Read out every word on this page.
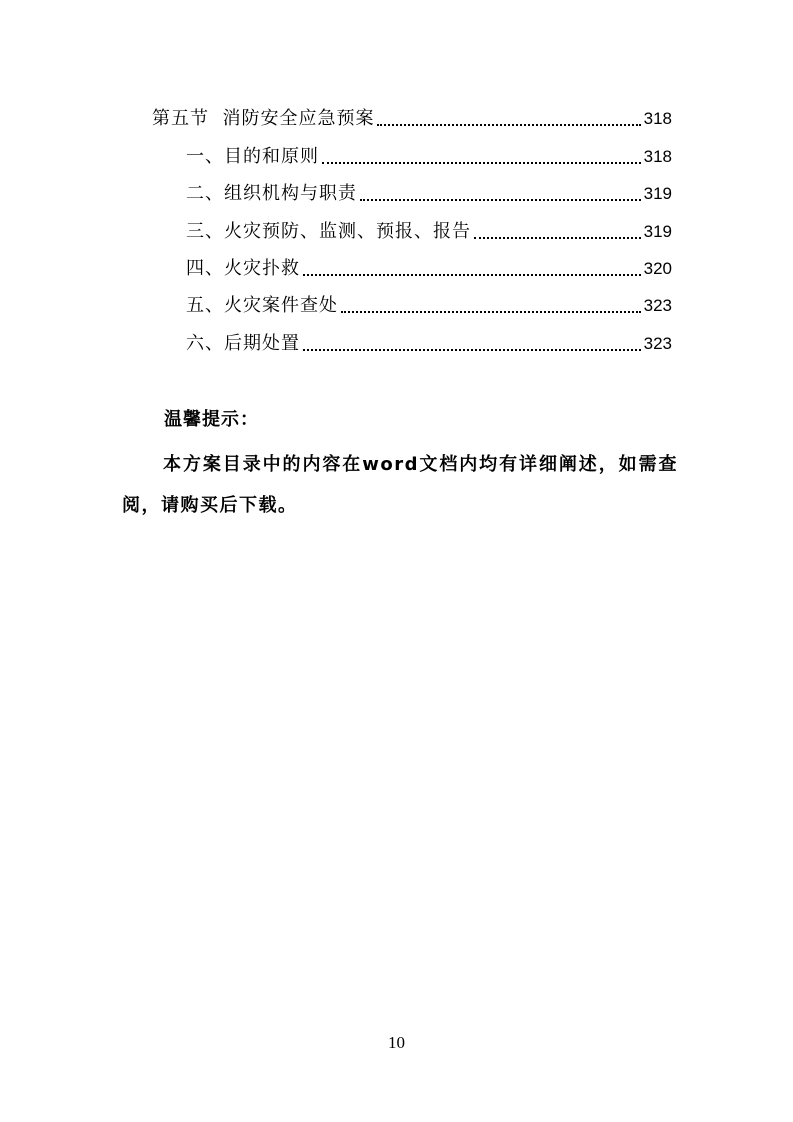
第五节  消防安全应急预案	318
一、目的和原则	318
二、组织机构与职责	319
三、火灾预防、监测、预报、报告	319
四、火灾扑救	320
五、火灾案件查处	323
六、后期处置	323
温馨提示：
本方案目录中的内容在word文档内均有详细阐述，如需查阅，请购买后下载。
10
